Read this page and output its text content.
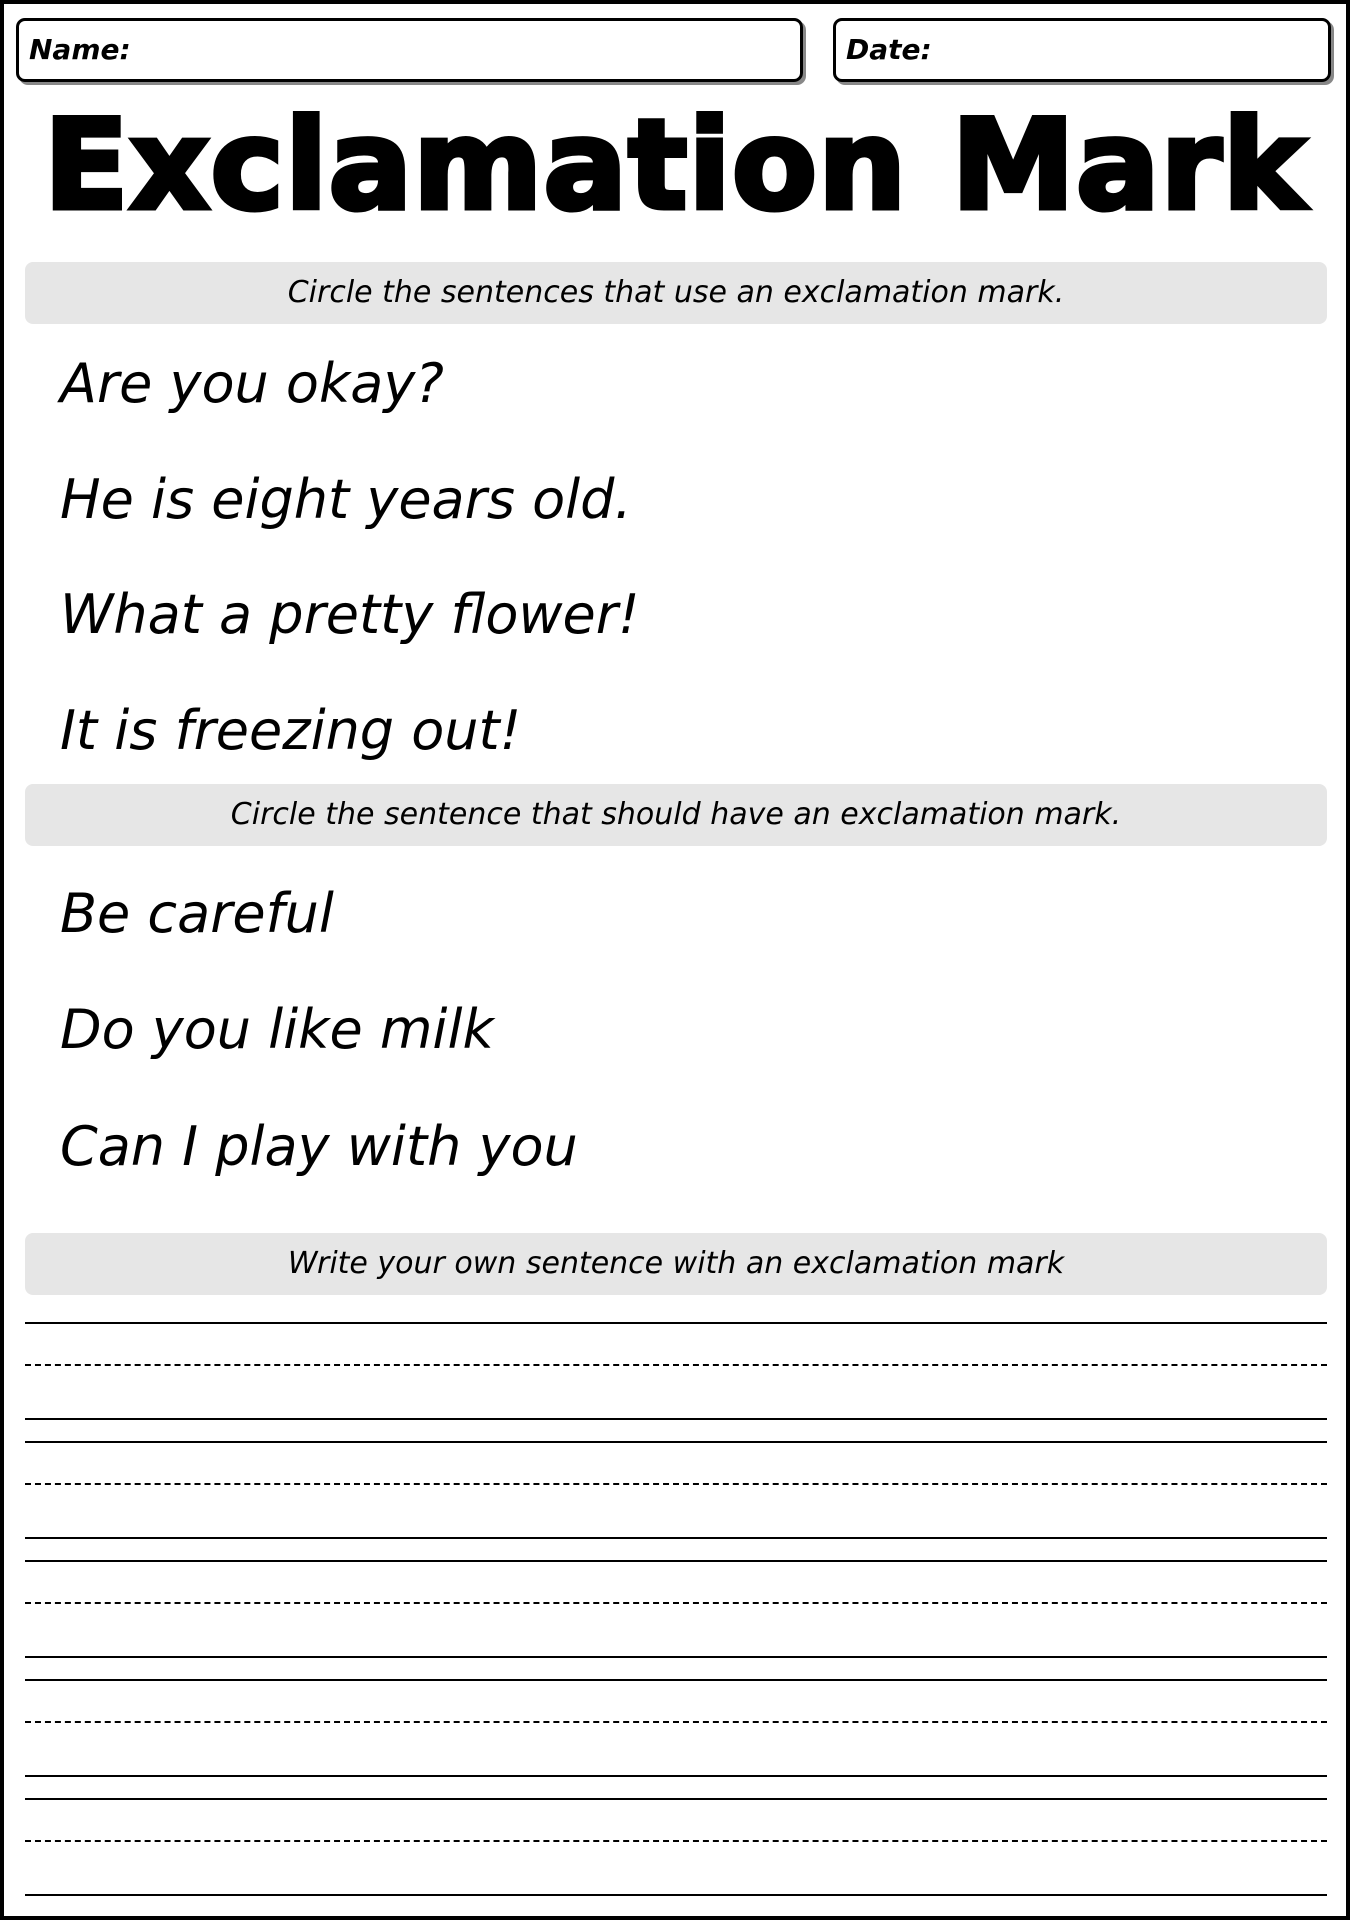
Name:	Date:
Exclamation Mark
Circle the sentences that use an exclamation mark.
Are you okay?
He is eight years old.
What a pretty flower!
It is freezing out!
Circle the sentence that should have an exclamation mark.
Be careful
Do you like milk
Can I play with you
Write your own sentence with an exclamation mark
